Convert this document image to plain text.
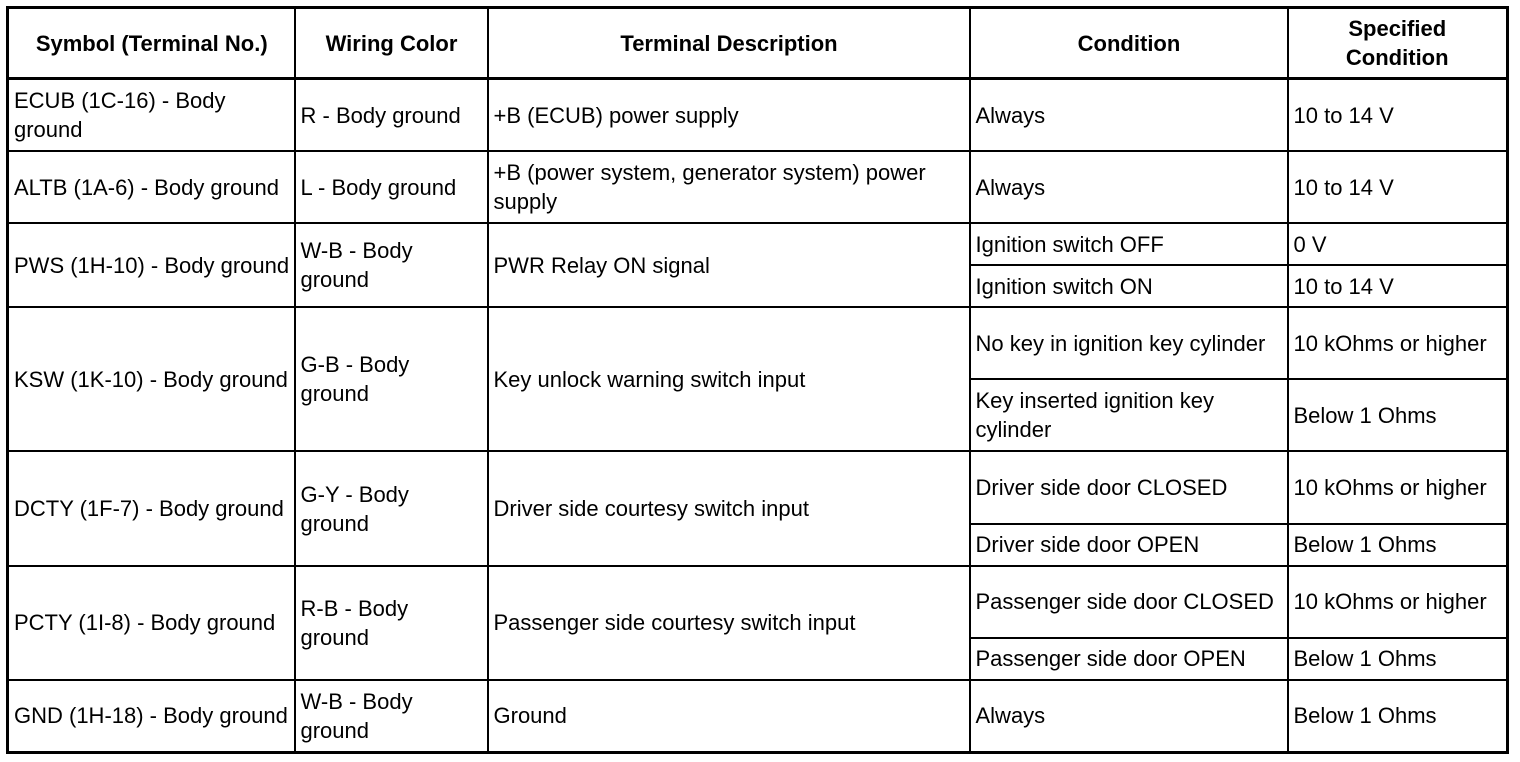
Symbol (Terminal No.)	Wiring Color	Terminal Description	Condition	Specified Condition
ECUB (1C-16) - Body ground	R - Body ground	+B (ECUB) power supply	Always	10 to 14 V
ALTB (1A-6) - Body ground	L - Body ground	+B (power system, generator system) power supply	Always	10 to 14 V
PWS (1H-10) - Body ground	W-B - Body ground	PWR Relay ON signal	Ignition switch OFF	0 V
			Ignition switch ON	10 to 14 V
KSW (1K-10) - Body ground	G-B - Body ground	Key unlock warning switch input	No key in ignition key cylinder	10 kOhms or higher
			Key inserted ignition key cylinder	Below 1 Ohms
DCTY (1F-7) - Body ground	G-Y - Body ground	Driver side courtesy switch input	Driver side door CLOSED	10 kOhms or higher
			Driver side door OPEN	Below 1 Ohms
PCTY (1I-8) - Body ground	R-B - Body ground	Passenger side courtesy switch input	Passenger side door CLOSED	10 kOhms or higher
			Passenger side door OPEN	Below 1 Ohms
GND (1H-18) - Body ground	W-B - Body ground	Ground	Always	Below 1 Ohms
